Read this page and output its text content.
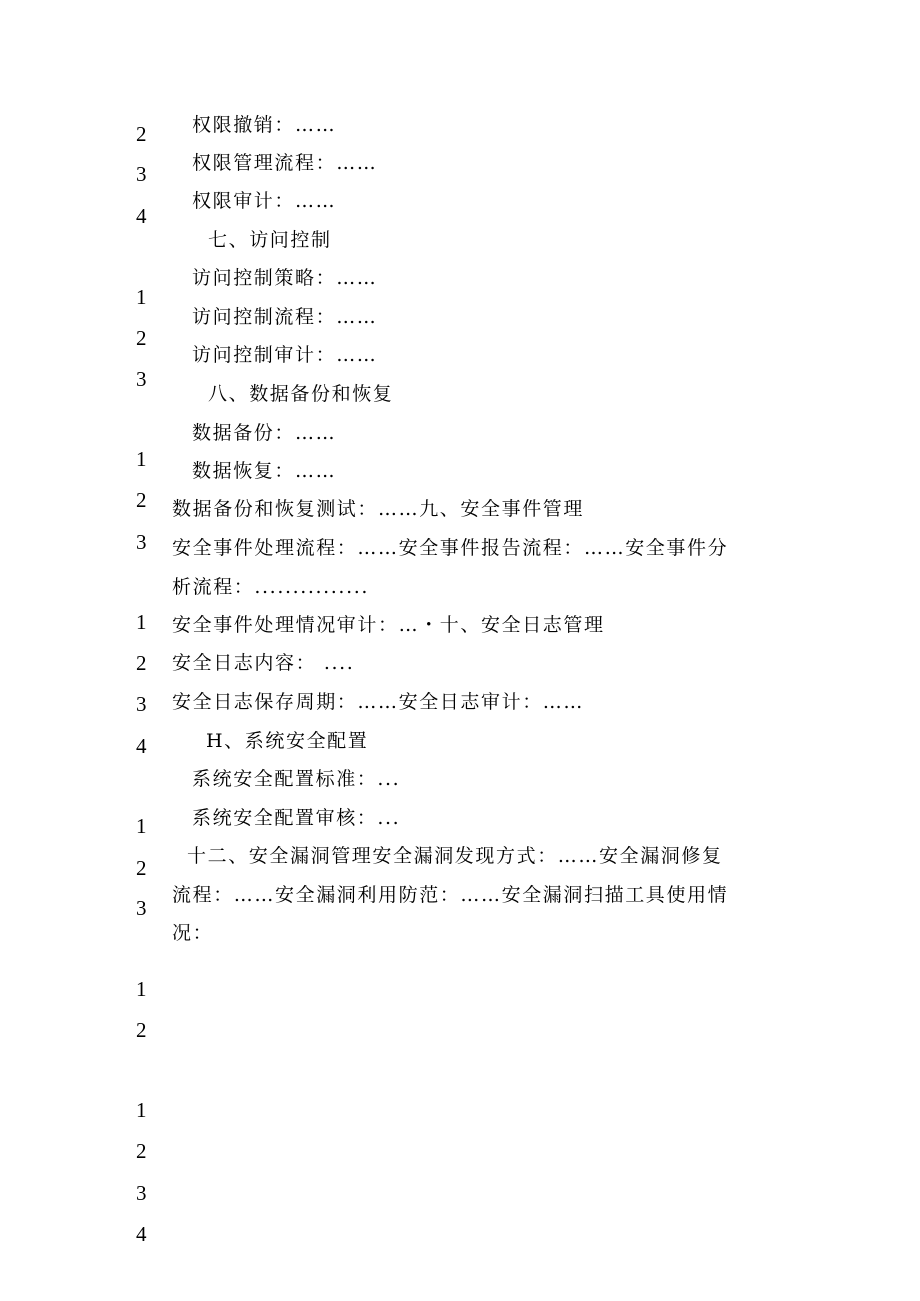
2
3
4
1
2
3
1
2
3
1
2
3
4
1
2
3
1
2
1
2
3
4
权限撤销：……
权限管理流程：……
权限审计：……
七、访问控制
访问控制策略：……
访问控制流程：……
访问控制审计：……
八、数据备份和恢复
数据备份：……
数据恢复：……
数据备份和恢复测试：……九、安全事件管理
安全事件处理流程：……安全事件报告流程：……安全事件分
析流程：...............
安全事件处理情况审计：…・十、安全日志管理
安全日志内容： ....
安全日志保存周期：……安全日志审计：……
H、系统安全配置
系统安全配置标准：...
系统安全配置审核：...
十二、安全漏洞管理安全漏洞发现方式：……安全漏洞修复
流程：……安全漏洞利用防范：……安全漏洞扫描工具使用情
况：
